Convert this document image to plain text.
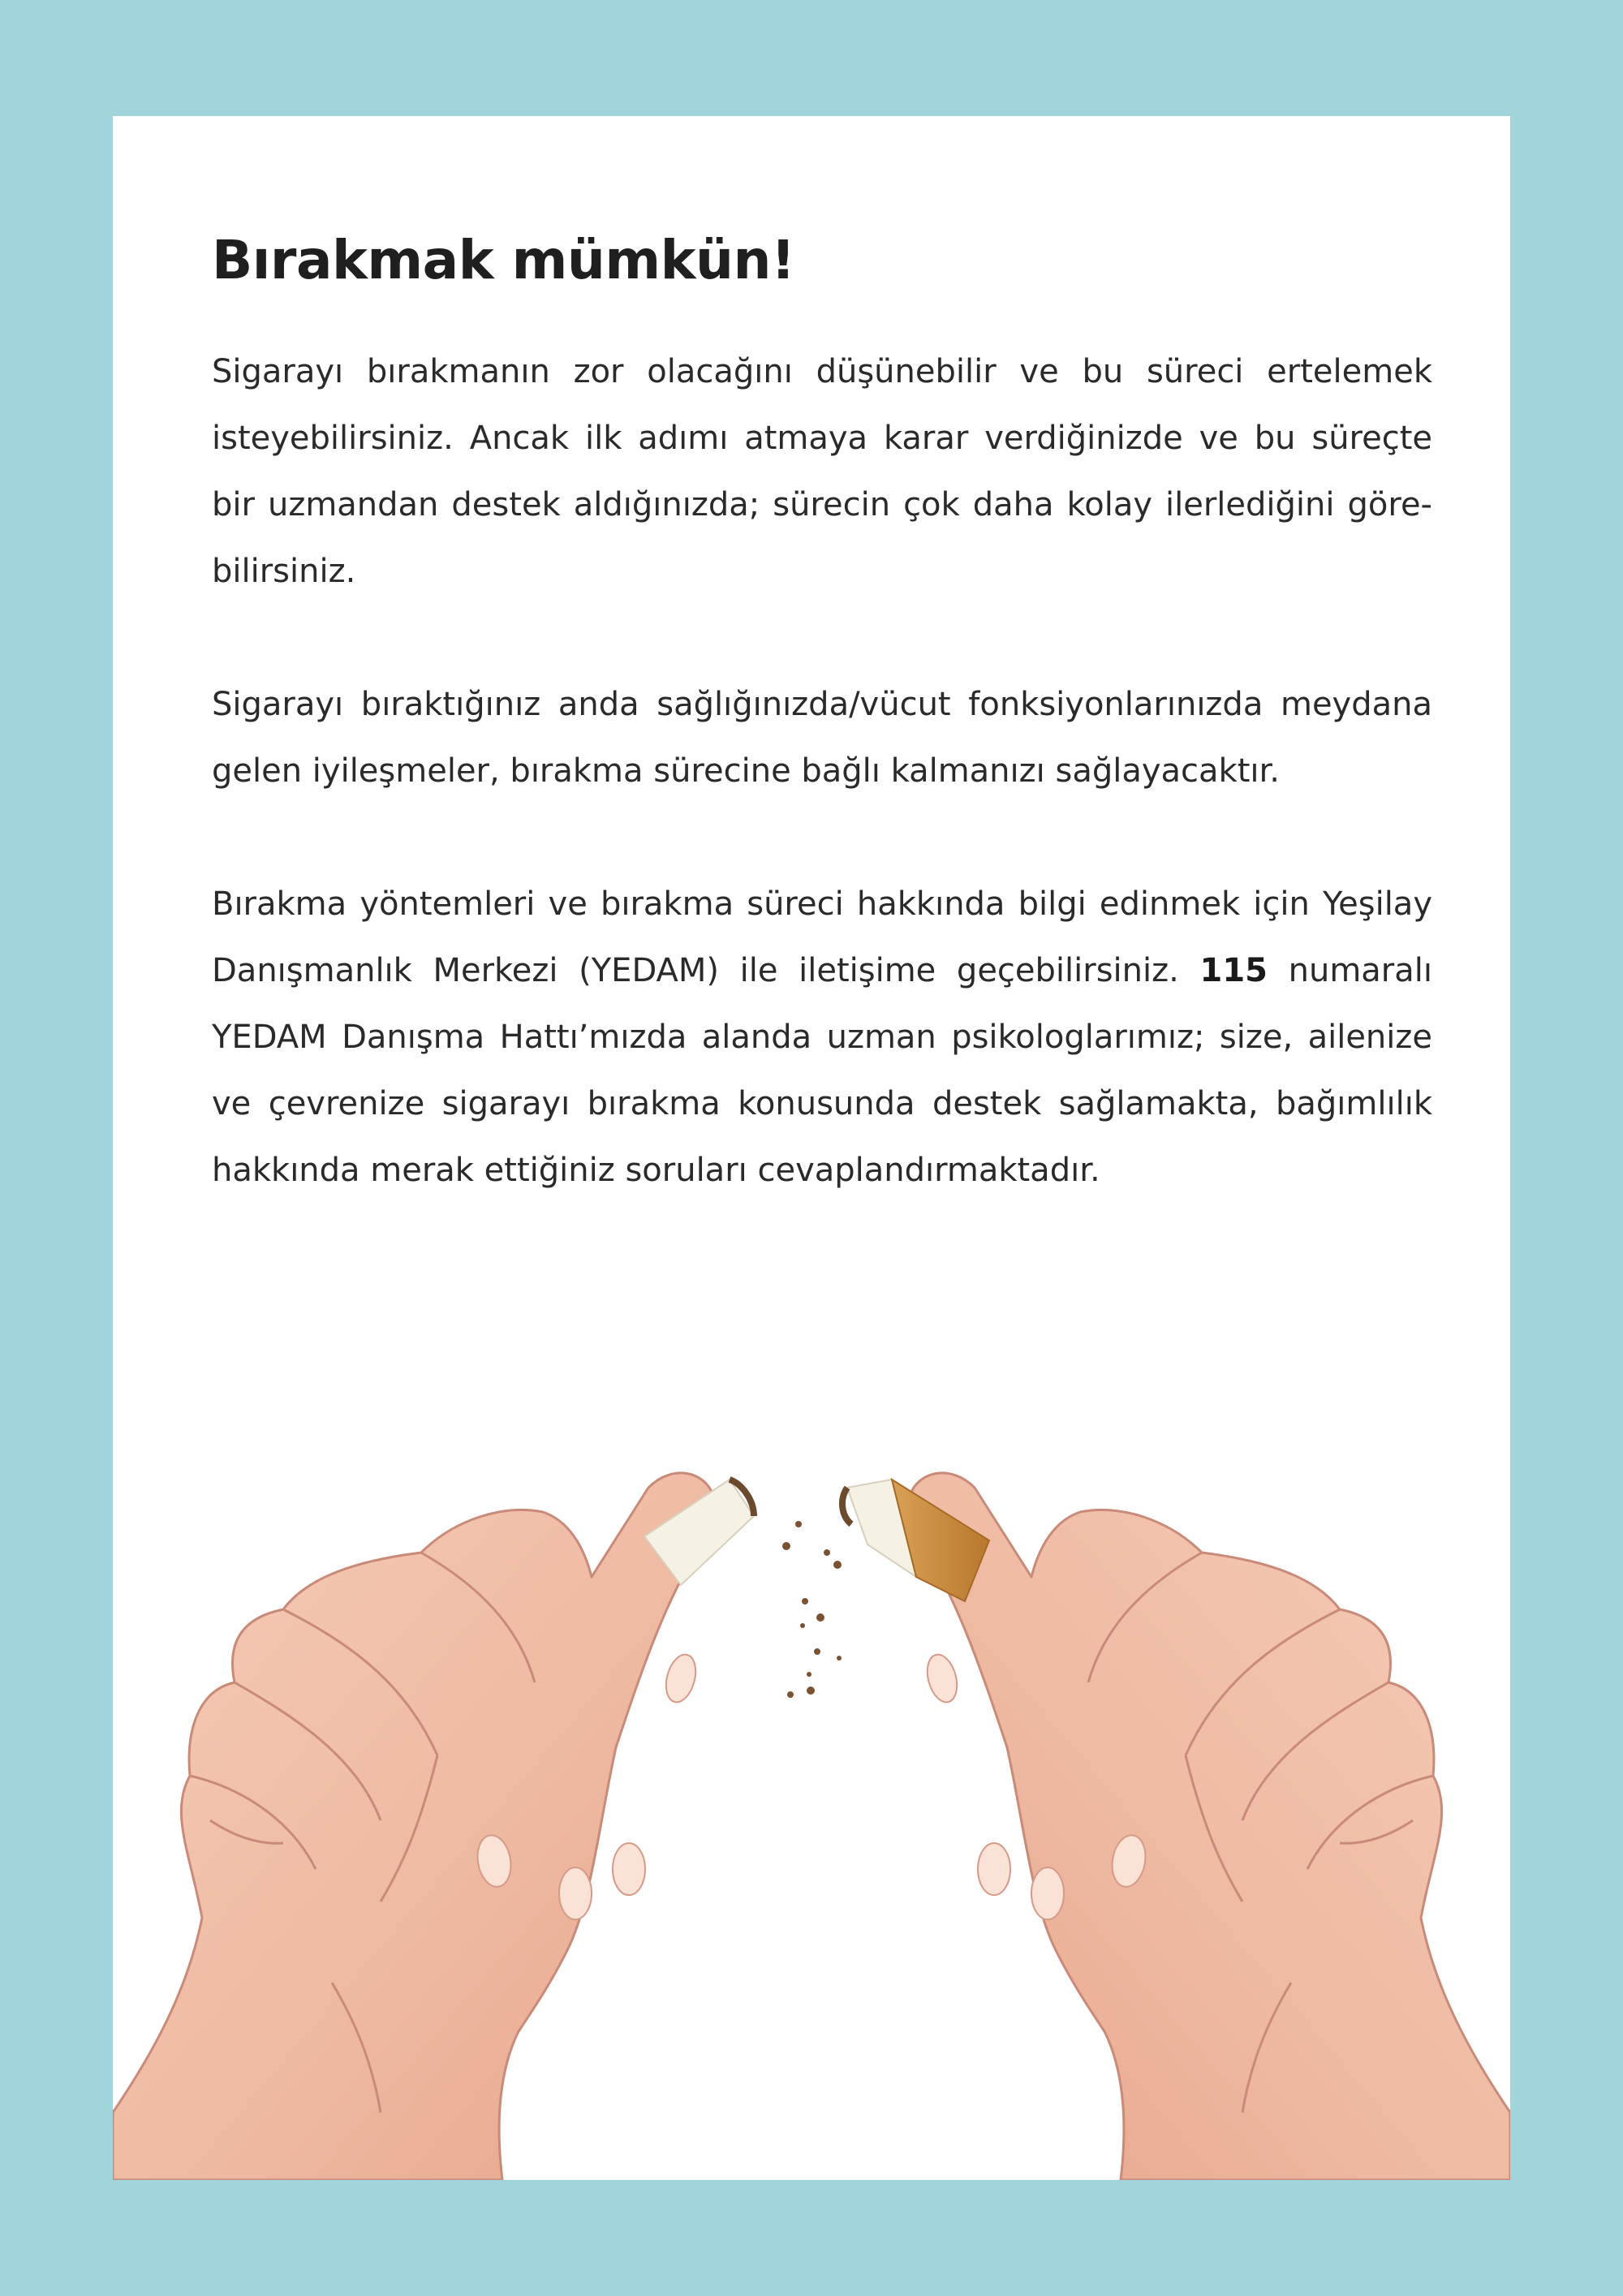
Bırakmak mümkün!

Sigarayı bırakmanın zor olacağını düşünebilir ve bu süreci ertelemek isteyebilirsiniz. Ancak ilk adımı atmaya karar verdiğinizde ve bu süreçte bir uzmandan destek aldığınızda; sürecin çok daha kolay ilerlediğini göre-bilirsiniz.

Sigarayı bıraktığınız anda sağlığınızda/vücut fonksiyonlarınızda meydana gelen iyileşmeler, bırakma sürecine bağlı kalmanızı sağlayacaktır.

Bırakma yöntemleri ve bırakma süreci hakkında bilgi edinmek için Yeşilay Danışmanlık Merkezi (YEDAM) ile iletişime geçebilirsiniz. 115 numaralı YEDAM Danışma Hattı’mızda alanda uzman psikologlarımız; size, ailenize ve çevrenize sigarayı bırakma konusunda destek sağlamakta, bağımlılık hakkında merak ettiğiniz soruları cevaplandırmaktadır.
